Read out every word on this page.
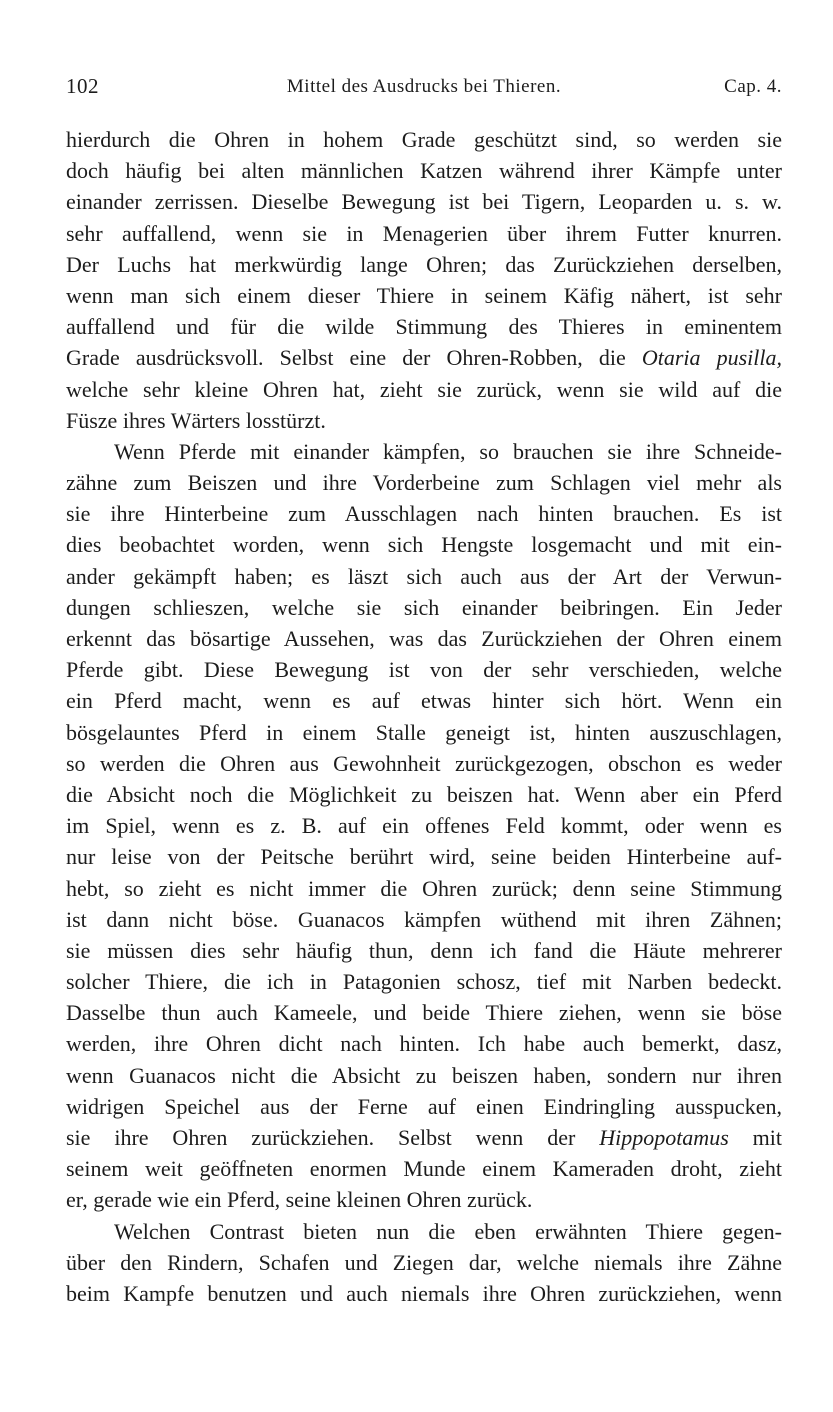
102	Mittel des Ausdrucks bei Thieren.	Cap. 4.
hierdurch die Ohren in hohem Grade geschützt sind, so werden sie
doch häufig bei alten männlichen Katzen während ihrer Kämpfe unter
einander zerrissen. Dieselbe Bewegung ist bei Tigern, Leoparden u. s. w.
sehr auffallend, wenn sie in Menagerien über ihrem Futter knurren.
Der Luchs hat merkwürdig lange Ohren; das Zurückziehen derselben,
wenn man sich einem dieser Thiere in seinem Käfig nähert, ist sehr
auffallend und für die wilde Stimmung des Thieres in eminentem
Grade ausdrücksvoll. Selbst eine der Ohren-Robben, die Otaria pusilla,
welche sehr kleine Ohren hat, zieht sie zurück, wenn sie wild auf die
Füsze ihres Wärters losstürzt.
Wenn Pferde mit einander kämpfen, so brauchen sie ihre Schneide-
zähne zum Beiszen und ihre Vorderbeine zum Schlagen viel mehr als
sie ihre Hinterbeine zum Ausschlagen nach hinten brauchen. Es ist
dies beobachtet worden, wenn sich Hengste losgemacht und mit ein-
ander gekämpft haben; es läszt sich auch aus der Art der Verwun-
dungen schlieszen, welche sie sich einander beibringen. Ein Jeder
erkennt das bösartige Aussehen, was das Zurückziehen der Ohren einem
Pferde gibt. Diese Bewegung ist von der sehr verschieden, welche
ein Pferd macht, wenn es auf etwas hinter sich hört. Wenn ein
bösgelauntes Pferd in einem Stalle geneigt ist, hinten auszuschlagen,
so werden die Ohren aus Gewohnheit zurückgezogen, obschon es weder
die Absicht noch die Möglichkeit zu beiszen hat. Wenn aber ein Pferd
im Spiel, wenn es z. B. auf ein offenes Feld kommt, oder wenn es
nur leise von der Peitsche berührt wird, seine beiden Hinterbeine auf-
hebt, so zieht es nicht immer die Ohren zurück; denn seine Stimmung
ist dann nicht böse. Guanacos kämpfen wüthend mit ihren Zähnen;
sie müssen dies sehr häufig thun, denn ich fand die Häute mehrerer
solcher Thiere, die ich in Patagonien schosz, tief mit Narben bedeckt.
Dasselbe thun auch Kameele, und beide Thiere ziehen, wenn sie böse
werden, ihre Ohren dicht nach hinten. Ich habe auch bemerkt, dasz,
wenn Guanacos nicht die Absicht zu beiszen haben, sondern nur ihren
widrigen Speichel aus der Ferne auf einen Eindringling ausspucken,
sie ihre Ohren zurückziehen. Selbst wenn der Hippopotamus mit
seinem weit geöffneten enormen Munde einem Kameraden droht, zieht
er, gerade wie ein Pferd, seine kleinen Ohren zurück.
Welchen Contrast bieten nun die eben erwähnten Thiere gegen-
über den Rindern, Schafen und Ziegen dar, welche niemals ihre Zähne
beim Kampfe benutzen und auch niemals ihre Ohren zurückziehen, wenn
